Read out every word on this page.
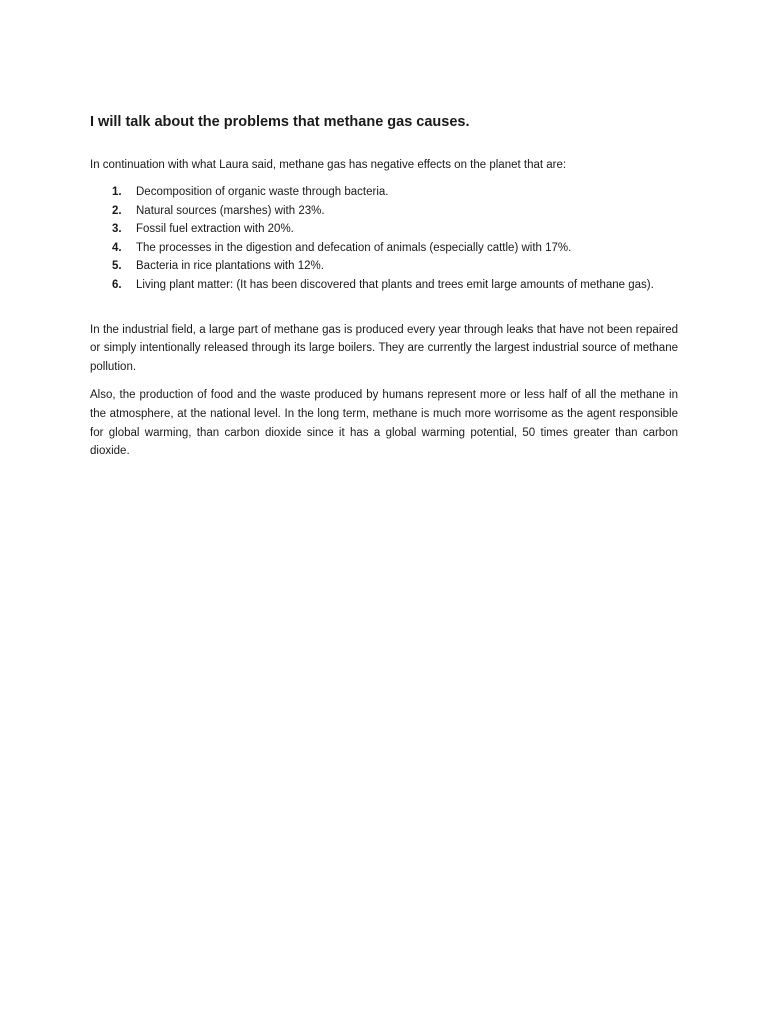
I will talk about the problems that methane gas causes.

In continuation with what Laura said, methane gas has negative effects on the planet that are:

1. Decomposition of organic waste through bacteria.
2. Natural sources (marshes) with 23%.
3. Fossil fuel extraction with 20%.
4. The processes in the digestion and defecation of animals (especially cattle) with 17%.
5. Bacteria in rice plantations with 12%.
6. Living plant matter: (It has been discovered that plants and trees emit large amounts of methane gas).

In the industrial field, a large part of methane gas is produced every year through leaks that have not been repaired or simply intentionally released through its large boilers. They are currently the largest industrial source of methane pollution.

Also, the production of food and the waste produced by humans represent more or less half of all the methane in the atmosphere, at the national level. In the long term, methane is much more worrisome as the agent responsible for global warming, than carbon dioxide since it has a global warming potential, 50 times greater than carbon dioxide.
